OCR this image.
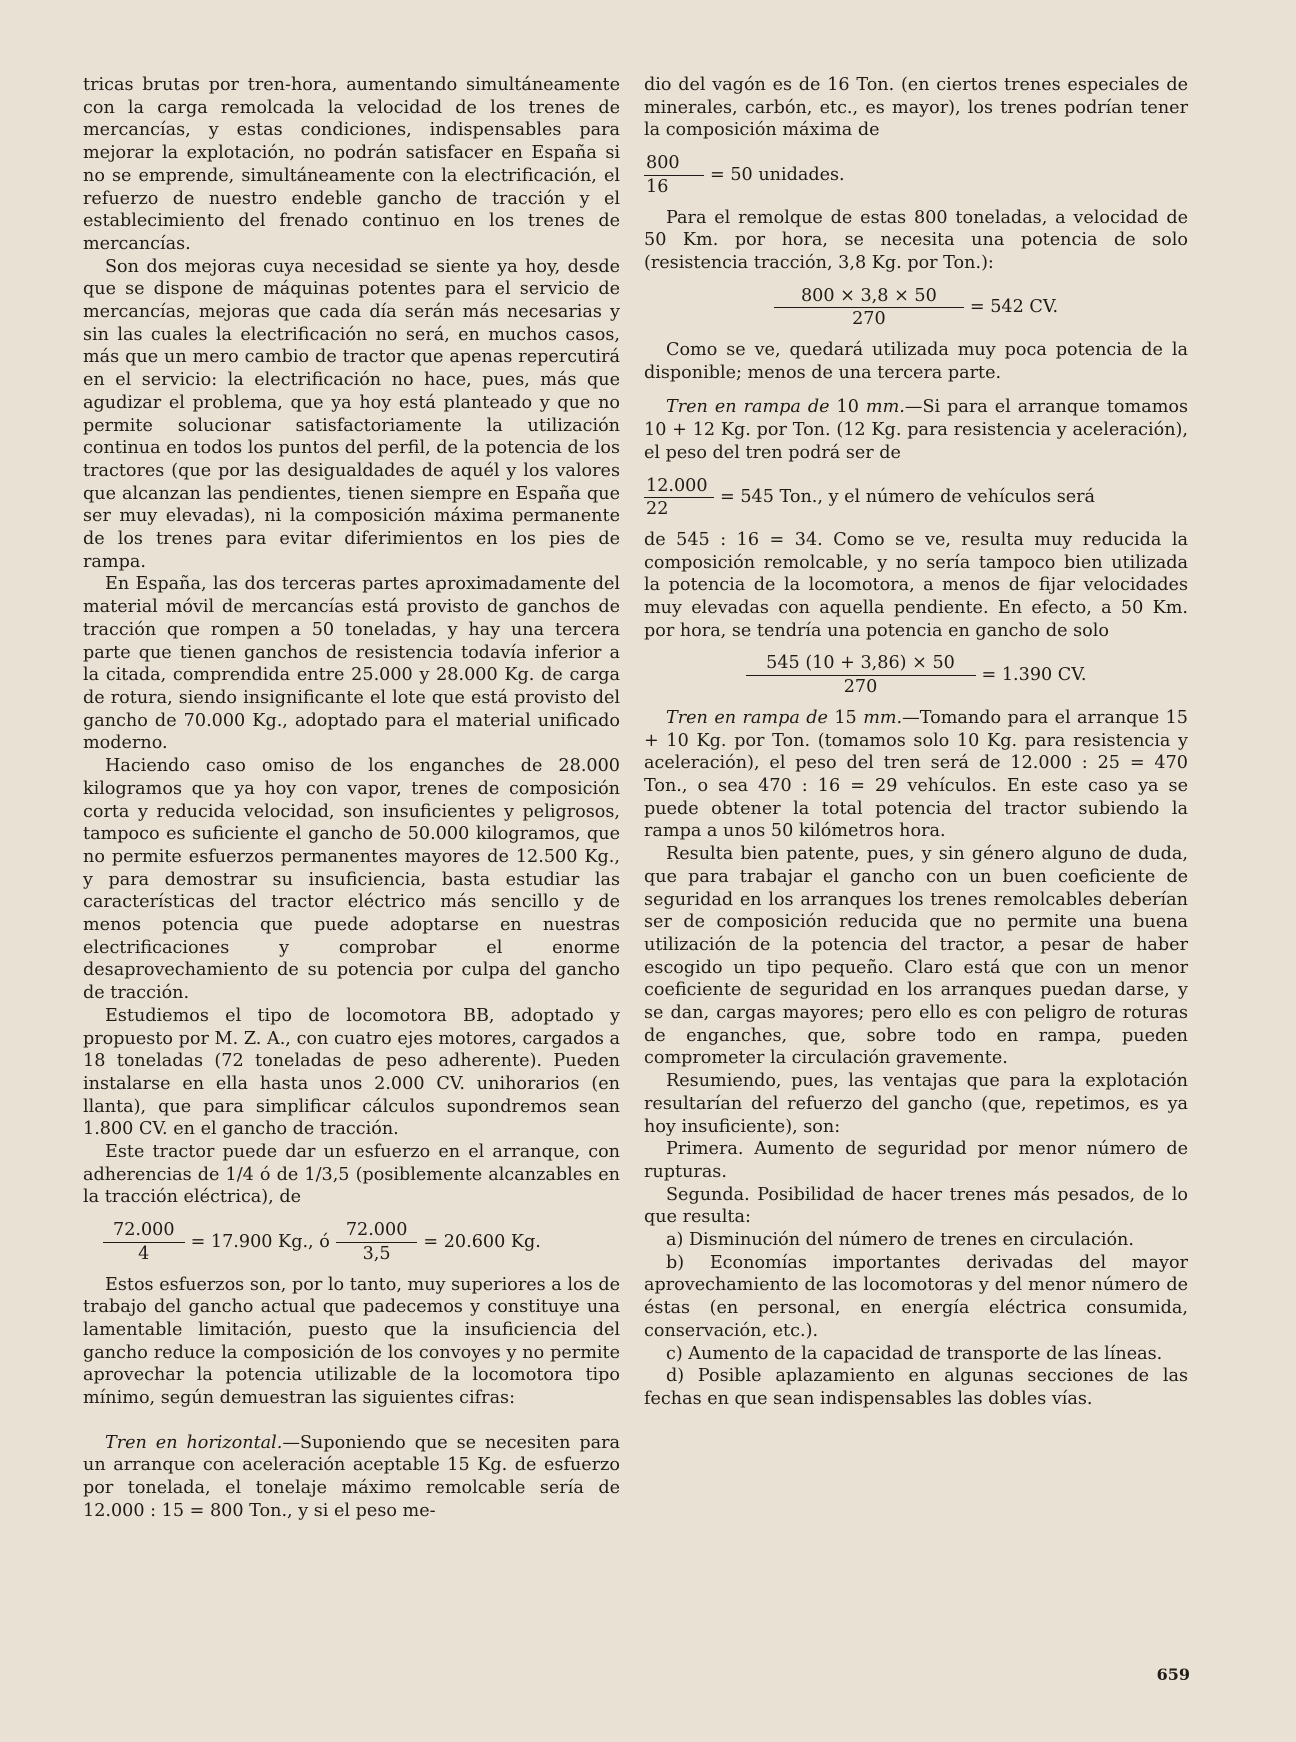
tricas brutas por tren-hora, aumentando simultáneamente con la carga remolcada la velocidad de los trenes de mercancías, y estas condiciones, indispensables para mejorar la explotación, no podrán satisfacer en España si no se emprende, simultáneamente con la electrificación, el refuerzo de nuestro endeble gancho de tracción y el establecimiento del frenado continuo en los trenes de mercancías.

Son dos mejoras cuya necesidad se siente ya hoy, desde que se dispone de máquinas potentes para el servicio de mercancías, mejoras que cada día serán más necesarias y sin las cuales la electrificación no será, en muchos casos, más que un mero cambio de tractor que apenas repercutirá en el servicio: la electrificación no hace, pues, más que agudizar el problema, que ya hoy está planteado y que no permite solucionar satisfactoriamente la utilización continua en todos los puntos del perfil, de la potencia de los tractores (que por las desigualdades de aquél y los valores que alcanzan las pendientes, tienen siempre en España que ser muy elevadas), ni la composición máxima permanente de los trenes para evitar diferimientos en los pies de rampa.

En España, las dos terceras partes aproximadamente del material móvil de mercancías está provisto de ganchos de tracción que rompen a 50 toneladas, y hay una tercera parte que tienen ganchos de resistencia todavía inferior a la citada, comprendida entre 25.000 y 28.000 Kg. de carga de rotura, siendo insignificante el lote que está provisto del gancho de 70.000 Kg., adoptado para el material unificado moderno.

Haciendo caso omiso de los enganches de 28.000 kilogramos que ya hoy con vapor, trenes de composición corta y reducida velocidad, son insuficientes y peligrosos, tampoco es suficiente el gancho de 50.000 kilogramos, que no permite esfuerzos permanentes mayores de 12.500 Kg., y para demostrar su insuficiencia, basta estudiar las características del tractor eléctrico más sencillo y de menos potencia que puede adoptarse en nuestras electrificaciones y comprobar el enorme desaprovechamiento de su potencia por culpa del gancho de tracción.

Estudiemos el tipo de locomotora BB, adoptado y propuesto por M. Z. A., con cuatro ejes motores, cargados a 18 toneladas (72 toneladas de peso adherente). Pueden instalarse en ella hasta unos 2.000 CV. unihorarios (en llanta), que para simplificar cálculos supondremos sean 1.800 CV. en el gancho de tracción.

Este tractor puede dar un esfuerzo en el arranque, con adherencias de 1/4 ó de 1/3,5 (posiblemente alcanzables en la tracción eléctrica), de

$\frac{72.000}{4} = 17.900$ Kg., ó $\frac{72.000}{3,5} = 20.600$ Kg.

Estos esfuerzos son, por lo tanto, muy superiores a los de trabajo del gancho actual que padecemos y constituye una lamentable limitación, puesto que la insuficiencia del gancho reduce la composición de los convoyes y no permite aprovechar la potencia utilizable de la locomotora tipo mínimo, según demuestran las siguientes cifras:

Tren en horizontal.—Suponiendo que se necesiten para un arranque con aceleración aceptable 15 Kg. de esfuerzo por tonelada, el tonelaje máximo remolcable sería de 12.000 : 15 = 800 Ton., y si el peso me-

dio del vagón es de 16 Ton. (en ciertos trenes especiales de minerales, carbón, etc., es mayor), los trenes podrían tener la composición máxima de

$\frac{800}{16} = 50$ unidades.

Para el remolque de estas 800 toneladas, a velocidad de 50 Km. por hora, se necesita una potencia de solo (resistencia tracción, 3,8 Kg. por Ton.):

$\frac{800 \times 3,8 \times 50}{270} = 542$ CV.

Como se ve, quedará utilizada muy poca potencia de la disponible; menos de una tercera parte.

Tren en rampa de 10 mm.—Si para el arranque tomamos 10 + 12 Kg. por Ton. (12 Kg. para resistencia y aceleración), el peso del tren podrá ser de

$\frac{12.000}{22} = 545$ Ton., y el número de vehículos será

de 545 : 16 = 34. Como se ve, resulta muy reducida la composición remolcable, y no sería tampoco bien utilizada la potencia de la locomotora, a menos de fijar velocidades muy elevadas con aquella pendiente. En efecto, a 50 Km. por hora, se tendría una potencia en gancho de solo

$\frac{545 (10 + 3,86) \times 50}{270} = 1.390$ CV.

Tren en rampa de 15 mm.—Tomando para el arranque 15 + 10 Kg. por Ton. (tomamos solo 10 Kg. para resistencia y aceleración), el peso del tren será de 12.000 : 25 = 470 Ton., o sea 470 : 16 = 29 vehículos. En este caso ya se puede obtener la total potencia del tractor subiendo la rampa a unos 50 kilómetros hora.

Resulta bien patente, pues, y sin género alguno de duda, que para trabajar el gancho con un buen coeficiente de seguridad en los arranques los trenes remolcables deberían ser de composición reducida que no permite una buena utilización de la potencia del tractor, a pesar de haber escogido un tipo pequeño. Claro está que con un menor coeficiente de seguridad en los arranques puedan darse, y se dan, cargas mayores; pero ello es con peligro de roturas de enganches, que, sobre todo en rampa, pueden comprometer la circulación gravemente.

Resumiendo, pues, las ventajas que para la explotación resultarían del refuerzo del gancho (que, repetimos, es ya hoy insuficiente), son:

Primera. Aumento de seguridad por menor número de rupturas.

Segunda. Posibilidad de hacer trenes más pesados, de lo que resulta:

a) Disminución del número de trenes en circulación.

b) Economías importantes derivadas del mayor aprovechamiento de las locomotoras y del menor número de éstas (en personal, en energía eléctrica consumida, conservación, etc.).

c) Aumento de la capacidad de transporte de las líneas.

d) Posible aplazamiento en algunas secciones de las fechas en que sean indispensables las dobles vías.

659
